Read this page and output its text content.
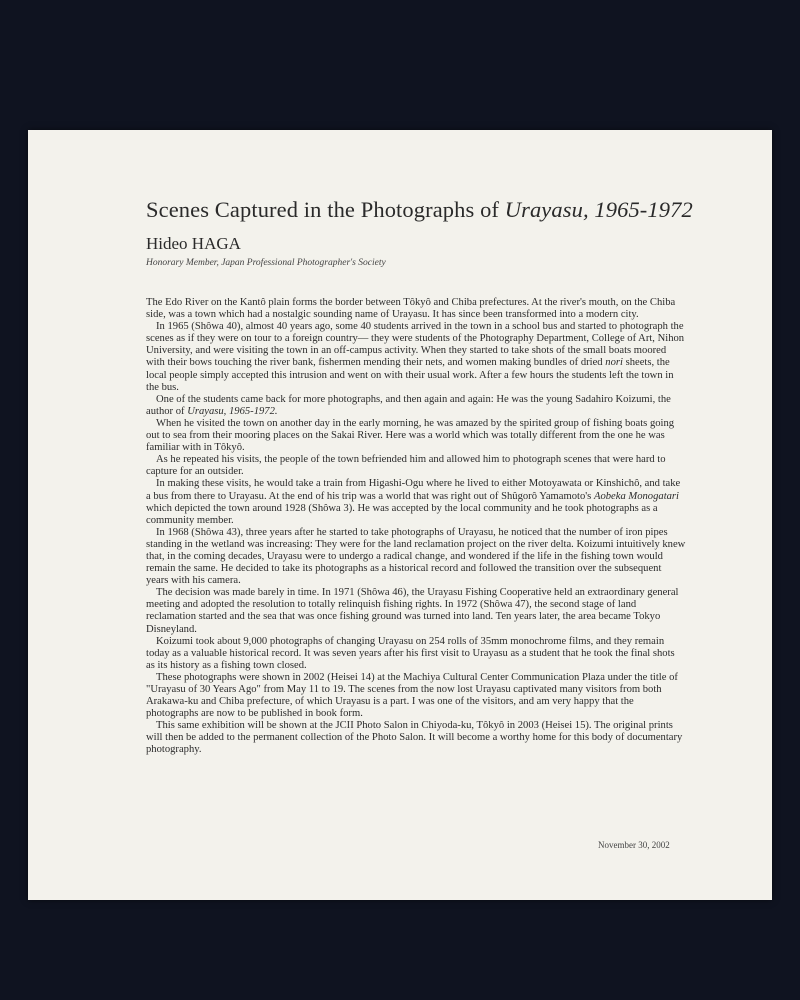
Scenes Captured in the Photographs of Urayasu, 1965-1972
Hideo HAGA
Honorary Member, Japan Professional Photographer's Society

The Edo River on the Kantô plain forms the border between Tôkyô and Chiba prefectures. At the river's mouth, on the Chiba side, was a town which had a nostalgic sounding name of Urayasu. It has since been transformed into a modern city.

In 1965 (Shôwa 40), almost 40 years ago, some 40 students arrived in the town in a school bus and started to photograph the scenes as if they were on tour to a foreign country— they were students of the Photography Department, College of Art, Nihon University, and were visiting the town in an off-campus activity. When they started to take shots of the small boats moored with their bows touching the river bank, fishermen mending their nets, and women making bundles of dried nori sheets, the local people simply accepted this intrusion and went on with their usual work. After a few hours the students left the town in the bus.

One of the students came back for more photographs, and then again and again: He was the young Sadahiro Koizumi, the author of Urayasu, 1965-1972.

When he visited the town on another day in the early morning, he was amazed by the spirited group of fishing boats going out to sea from their mooring places on the Sakai River. Here was a world which was totally different from the one he was familiar with in Tôkyô.

As he repeated his visits, the people of the town befriended him and allowed him to photograph scenes that were hard to capture for an outsider.

In making these visits, he would take a train from Higashi-Ogu where he lived to either Motoyawata or Kinshichô, and take a bus from there to Urayasu. At the end of his trip was a world that was right out of Shûgorô Yamamoto's Aobeka Monogatari which depicted the town around 1928 (Shôwa 3). He was accepted by the local community and he took photographs as a community member.

In 1968 (Shôwa 43), three years after he started to take photographs of Urayasu, he noticed that the number of iron pipes standing in the wetland was increasing: They were for the land reclamation project on the river delta. Koizumi intuitively knew that, in the coming decades, Urayasu were to undergo a radical change, and wondered if the life in the fishing town would remain the same. He decided to take its photographs as a historical record and followed the transition over the subsequent years with his camera.

The decision was made barely in time. In 1971 (Shôwa 46), the Urayasu Fishing Cooperative held an extraordinary general meeting and adopted the resolution to totally relinquish fishing rights. In 1972 (Shôwa 47), the second stage of land reclamation started and the sea that was once fishing ground was turned into land. Ten years later, the area became Tokyo Disneyland.

Koizumi took about 9,000 photographs of changing Urayasu on 254 rolls of 35mm monochrome films, and they remain today as a valuable historical record. It was seven years after his first visit to Urayasu as a student that he took the final shots as its history as a fishing town closed.

These photographs were shown in 2002 (Heisei 14) at the Machiya Cultural Center Communication Plaza under the title of "Urayasu of 30 Years Ago" from May 11 to 19. The scenes from the now lost Urayasu captivated many visitors from both Arakawa-ku and Chiba prefecture, of which Urayasu is a part. I was one of the visitors, and am very happy that the photographs are now to be published in book form.

This same exhibition will be shown at the JCII Photo Salon in Chiyoda-ku, Tôkyô in 2003 (Heisei 15). The original prints will then be added to the permanent collection of the Photo Salon. It will become a worthy home for this body of documentary photography.

November 30, 2002
